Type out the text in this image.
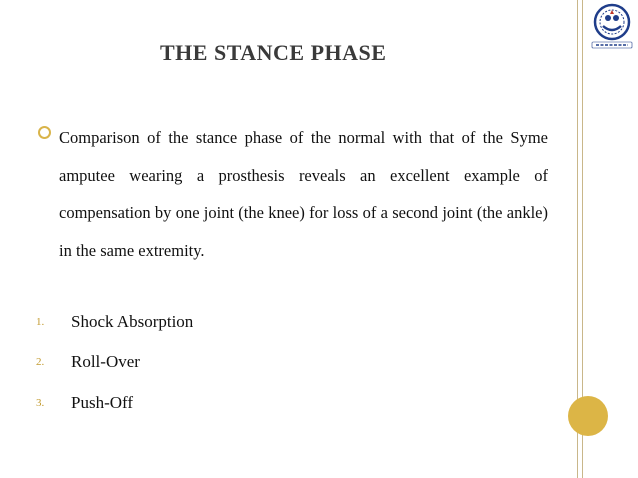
THE STANCE PHASE
Comparison of the stance phase of the normal with that of the Syme amputee wearing a prosthesis reveals an excellent example of compensation by one joint (the knee) for loss of a second joint (the ankle) in the same extremity.
1. Shock Absorption
2. Roll-Over
3. Push-Off
